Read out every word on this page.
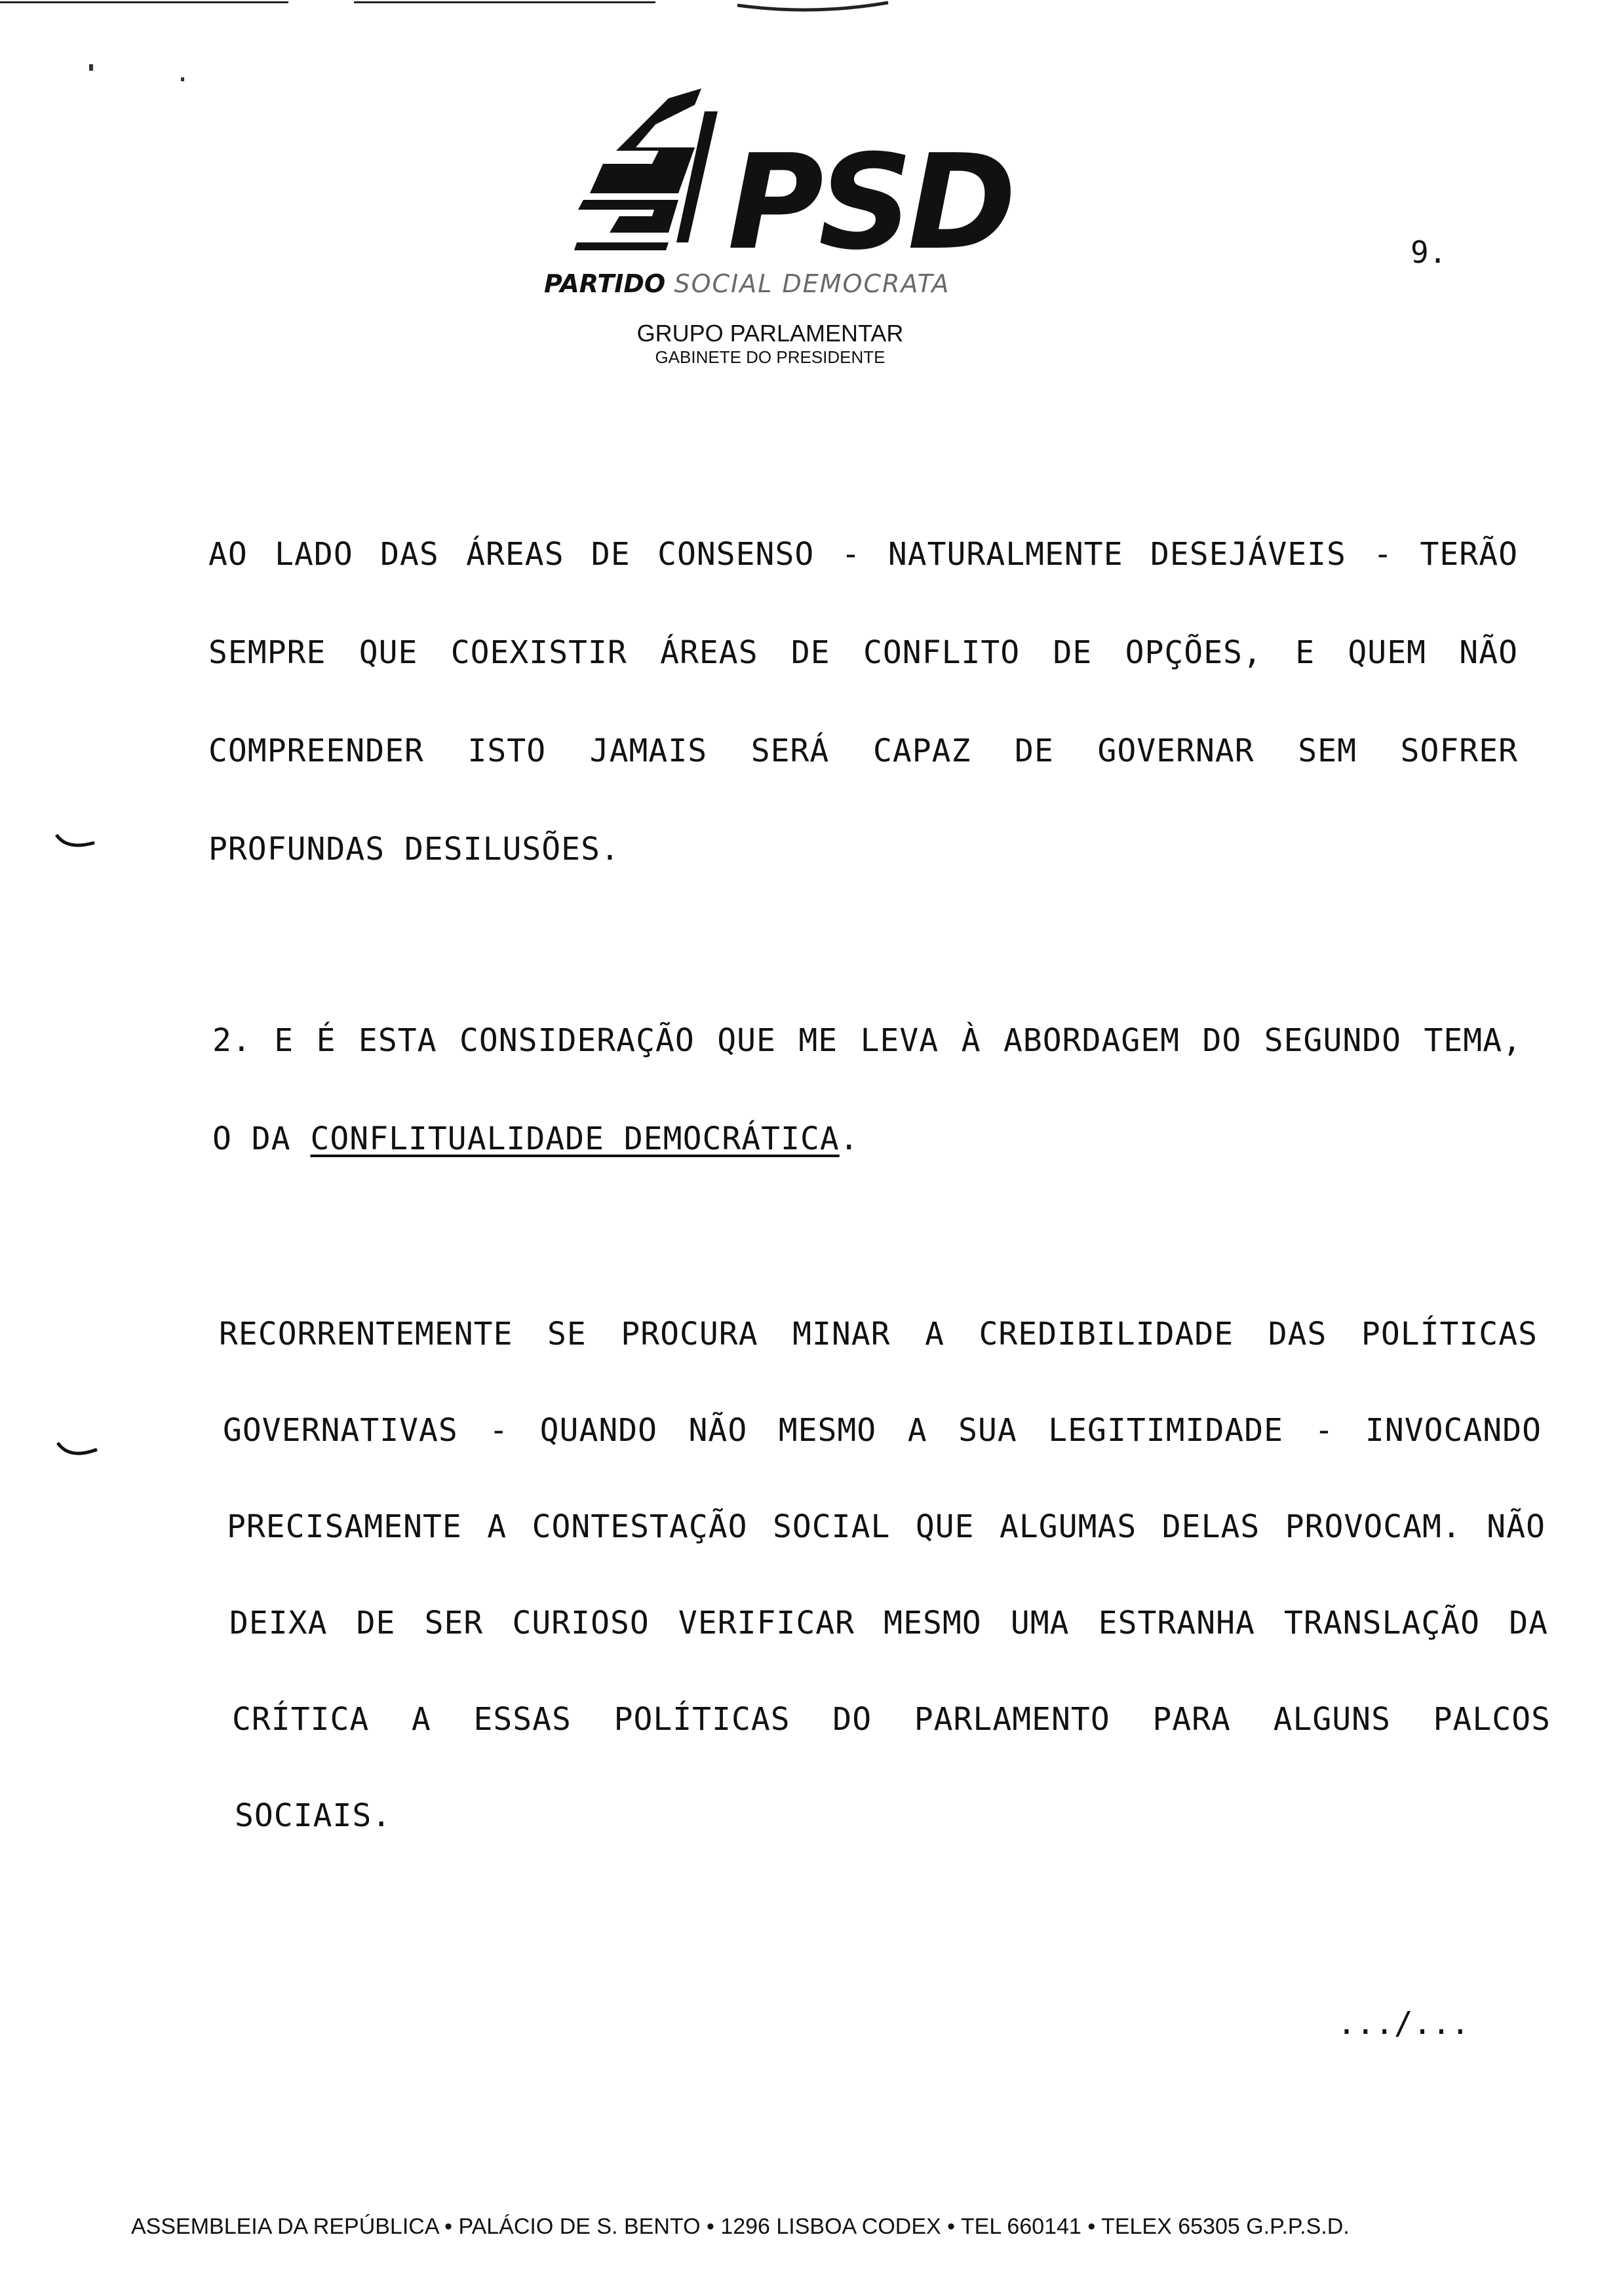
PSD
PARTIDO SOCIAL DEMOCRATA
GRUPO PARLAMENTAR
GABINETE DO PRESIDENTE
9.
AO LADO DAS ÁREAS DE CONSENSO - NATURALMENTE DESEJÁVEIS - TERÃO
SEMPRE QUE COEXISTIR ÁREAS DE CONFLITO DE OPÇÕES, E QUEM NÃO
COMPREENDER ISTO JAMAIS SERÁ CAPAZ DE GOVERNAR SEM SOFRER
PROFUNDAS DESILUSÕES.
2. E É ESTA CONSIDERAÇÃO QUE ME LEVA À ABORDAGEM DO SEGUNDO TEMA,
O DA CONFLITUALIDADE DEMOCRÁTICA.
RECORRENTEMENTE SE PROCURA MINAR A CREDIBILIDADE DAS POLÍTICAS
GOVERNATIVAS - QUANDO NÃO MESMO A SUA LEGITIMIDADE - INVOCANDO
PRECISAMENTE A CONTESTAÇÃO SOCIAL QUE ALGUMAS DELAS PROVOCAM. NÃO
DEIXA DE SER CURIOSO VERIFICAR MESMO UMA ESTRANHA TRANSLAÇÃO DA
CRÍTICA A ESSAS POLÍTICAS DO PARLAMENTO PARA ALGUNS PALCOS
SOCIAIS.
.../...
ASSEMBLEIA DA REPÚBLICA • PALÁCIO DE S. BENTO • 1296 LISBOA CODEX • TEL 660141 • TELEX 65305 G.P.P.S.D.
